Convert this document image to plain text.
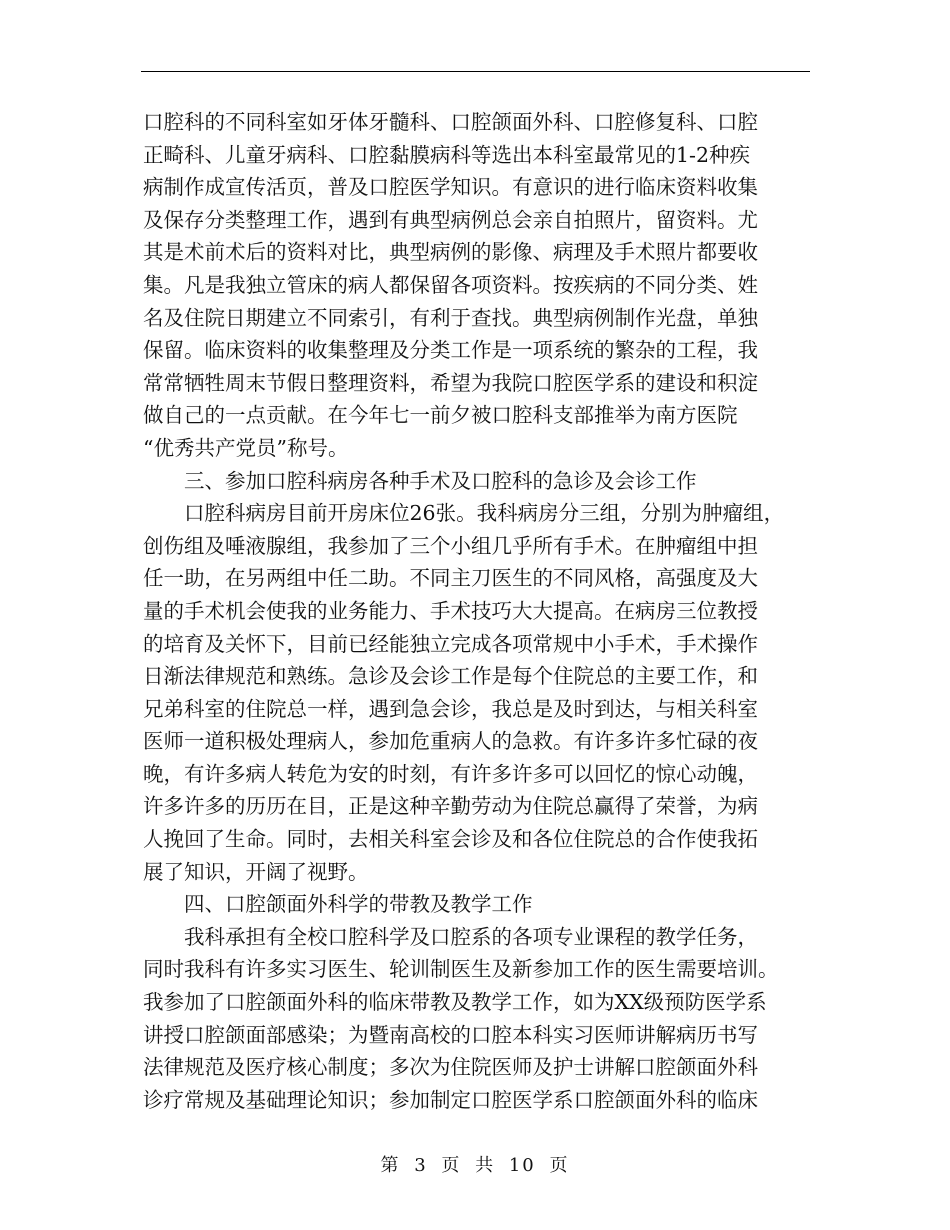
口腔科的不同科室如牙体牙髓科、口腔颌面外科、口腔修复科、口腔
正畸科、儿童牙病科、口腔黏膜病科等选出本科室最常见的1-2种疾
病制作成宣传活页，普及口腔医学知识。有意识的进行临床资料收集
及保存分类整理工作，遇到有典型病例总会亲自拍照片，留资料。尤
其是术前术后的资料对比，典型病例的影像、病理及手术照片都要收
集。凡是我独立管床的病人都保留各项资料。按疾病的不同分类、姓
名及住院日期建立不同索引，有利于查找。典型病例制作光盘，单独
保留。临床资料的收集整理及分类工作是一项系统的繁杂的工程，我
常常牺牲周末节假日整理资料，希望为我院口腔医学系的建设和积淀
做自己的一点贡献。在今年七一前夕被口腔科支部推举为南方医院
“优秀共产党员”称号。
三、参加口腔科病房各种手术及口腔科的急诊及会诊工作
口腔科病房目前开房床位26张。我科病房分三组，分别为肿瘤组，
创伤组及唾液腺组，我参加了三个小组几乎所有手术。在肿瘤组中担
任一助，在另两组中任二助。不同主刀医生的不同风格，高强度及大
量的手术机会使我的业务能力、手术技巧大大提高。在病房三位教授
的培育及关怀下，目前已经能独立完成各项常规中小手术，手术操作
日渐法律规范和熟练。急诊及会诊工作是每个住院总的主要工作，和
兄弟科室的住院总一样，遇到急会诊，我总是及时到达，与相关科室
医师一道积极处理病人，参加危重病人的急救。有许多许多忙碌的夜
晚，有许多病人转危为安的时刻，有许多许多可以回忆的惊心动魄，
许多许多的历历在目，正是这种辛勤劳动为住院总赢得了荣誉，为病
人挽回了生命。同时，去相关科室会诊及和各位住院总的合作使我拓
展了知识，开阔了视野。
四、口腔颌面外科学的带教及教学工作
我科承担有全校口腔科学及口腔系的各项专业课程的教学任务，
同时我科有许多实习医生、轮训制医生及新参加工作的医生需要培训。
我参加了口腔颌面外科的临床带教及教学工作，如为XX级预防医学系
讲授口腔颌面部感染；为暨南高校的口腔本科实习医师讲解病历书写
法律规范及医疗核心制度；多次为住院医师及护士讲解口腔颌面外科
诊疗常规及基础理论知识；参加制定口腔医学系口腔颌面外科的临床
第 3 页 共 10 页
